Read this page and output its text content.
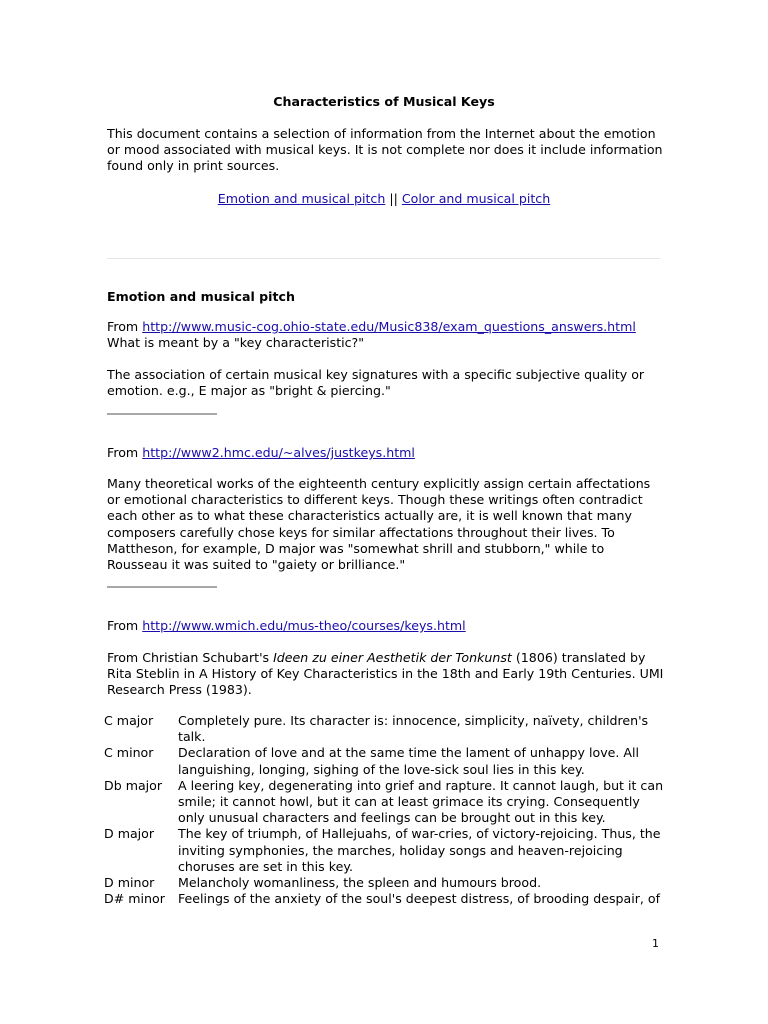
Characteristics of Musical Keys

This document contains a selection of information from the Internet about the emotion or mood associated with musical keys. It is not complete nor does it include information found only in print sources.

Emotion and musical pitch || Color and musical pitch
Emotion and musical pitch
From http://www.music-cog.ohio-state.edu/Music838/exam_questions_answers.html
What is meant by a "key characteristic?"

The association of certain musical key signatures with a specific subjective quality or emotion. e.g., E major as "bright & piercing."

From http://www2.hmc.edu/~alves/justkeys.html

Many theoretical works of the eighteenth century explicitly assign certain affectations or emotional characteristics to different keys. Though these writings often contradict each other as to what these characteristics actually are, it is well known that many composers carefully chose keys for similar affectations throughout their lives. To Mattheson, for example, D major was "somewhat shrill and stubborn," while to Rousseau it was suited to "gaiety or brilliance."

From http://www.wmich.edu/mus-theo/courses/keys.html

From Christian Schubart's Ideen zu einer Aesthetik der Tonkunst (1806) translated by Rita Steblin in A History of Key Characteristics in the 18th and Early 19th Centuries. UMI Research Press (1983).

C major	Completely pure. Its character is: innocence, simplicity, naïvety, children's talk.
C minor	Declaration of love and at the same time the lament of unhappy love. All languishing, longing, sighing of the love-sick soul lies in this key.
Db major	A leering key, degenerating into grief and rapture. It cannot laugh, but it can smile; it cannot howl, but it can at least grimace its crying. Consequently only unusual characters and feelings can be brought out in this key.
D major	The key of triumph, of Hallejuahs, of war-cries, of victory-rejoicing. Thus, the inviting symphonies, the marches, holiday songs and heaven-rejoicing choruses are set in this key.
D minor	Melancholy womanliness, the spleen and humours brood.
D# minor	Feelings of the anxiety of the soul's deepest distress, of brooding despair, of
1
